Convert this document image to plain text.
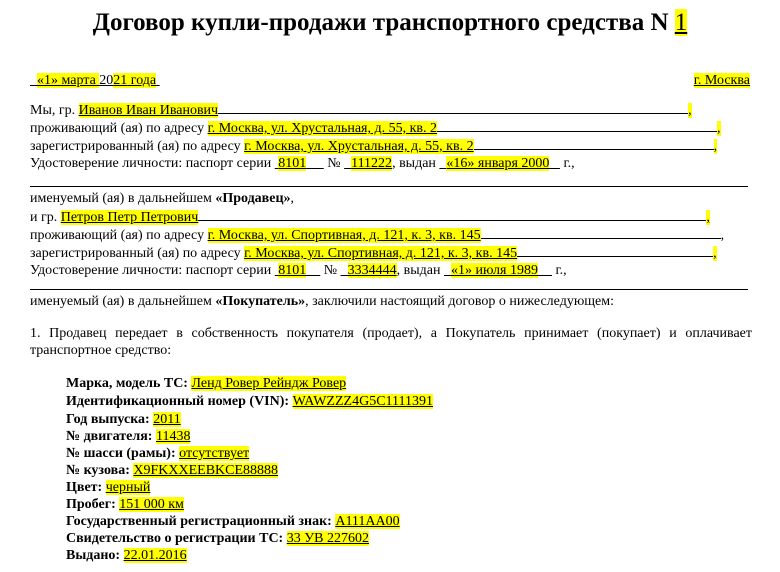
Договор купли-продажи транспортного средства N 1
«1» марта 2021 года	г. Москва
Мы, гр. Иванов Иван Иванович	,
проживающий (ая) по адресу г. Москва, ул. Хрустальная, д. 55, кв. 2	,
зарегистрированный (ая) по адресу г. Москва, ул. Хрустальная, д. 55, кв. 2	,
Удостоверение личности: паспорт серии  8101      №   111222, выдан   «16» января 2000    г.,
именуемый (ая) в дальнейшем «Продавец»,
и гр. Петров Петр Петрович	,
проживающий (ая) по адресу г. Москва, ул. Спортивная, д. 121, к. 3, кв. 145	,
зарегистрированный (ая) по адресу г. Москва, ул. Спортивная, д. 121, к. 3, кв. 145	,
Удостоверение личности: паспорт серии  8101     №   3334444, выдан   «1» июля 1989     г.,
именуемый (ая) в дальнейшем «Покупатель», заключили настоящий договор о нижеследующем:
1. Продавец передает в собственность покупателя (продает), а Покупатель принимает (покупает) и оплачивает транспортное средство:
Марка, модель ТС: Ленд Ровер Рейндж Ровер
Идентификационный номер (VIN): WAWZZZ4G5C1111391
Год выпуска: 2011
№ двигателя: 11438
№ шасси (рамы): отсутствует
№ кузова: X9FKXXEEBKCE88888
Цвет: черный
Пробег: 151 000 км
Государственный регистрационный знак: А111АА00
Свидетельство о регистрации ТС: 33 УВ 227602
Выдано: 22.01.2016
